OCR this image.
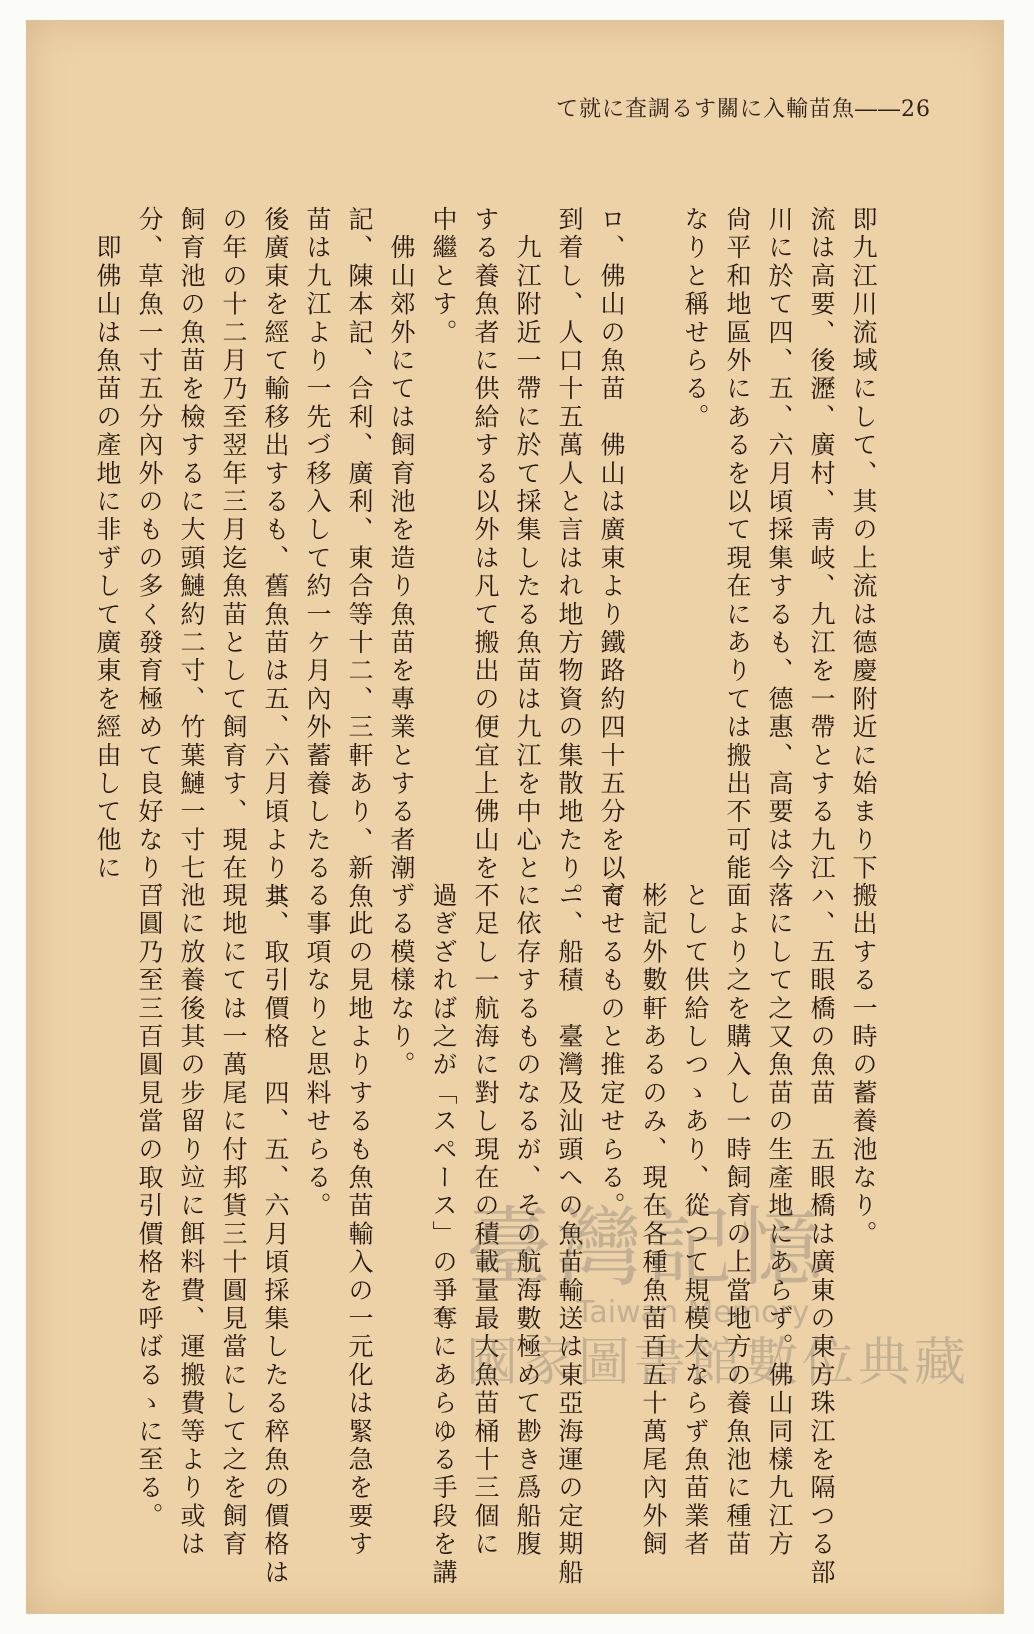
て就に査調るす關に入輸苗魚――26
即九江川流域にして、其の上流は德慶附近に始まり下
流は高要、後瀝、廣村、靑岐、九江を一帶とする九江
川に於て四、五、六月頃採集するも、德惠、高要は今
尙平和地區外にあるを以て現在にありては搬出不可能
なりと稱せらる。
ロ、佛山の魚苗　佛山は廣東より鐵路約四十五分を以て
到着し、人口十五萬人と言はれ地方物資の集散地たり。
　九江附近一帶に於て採集したる魚苗は九江を中心と
する養魚者に供給する以外は凡て搬出の便宜上佛山を
中繼とす。
　佛山郊外にては飼育池を造り魚苗を專業とする者潮
記、陳本記、合利、廣利、東合等十二、三軒あり、新魚
苗は九江より一先づ移入して約一ケ月內外蓄養したる
後廣東を經て輸移出するも、舊魚苗は五、六月頃より其
の年の十二月乃至翌年三月迄魚苗として飼育す、現在
飼育池の魚苗を檢するに大頭鰱約二寸、竹葉鰱一寸七
分、草魚一寸五分內外のもの多く發育極めて良好なり。
　即佛山は魚苗の產地に非ずして廣東を經由して他に
搬出する一時の蓄養池なり。
ハ、五眼橋の魚苗　五眼橋は廣東の東方珠江を隔つる部
落にして之又魚苗の生產地にあらず。佛山同樣九江方
面より之を購入し一時飼育の上當地方の養魚池に種苗
として供給しつゝあり、從つて規模大ならず魚苗業者
彬記外數軒あるのみ、現在各種魚苗百五十萬尾內外飼
育せるものと推定せらる。
ニ、船積　臺灣及汕頭への魚苗輸送は東亞海運の定期船
に依存するものなるが、その航海數極めて尠き爲船腹
不足し一航海に對し現在の積載量最大魚苗桶十三個に
過ぎざれば之が「スペース」の爭奪にあらゆる手段を講
ずる模樣なり。
　此の見地よりするも魚苗輸入の一元化は緊急を要す
る事項なりと思料せらる。
ホ、取引價格　四、五、六月頃採集したる稡魚の價格は
現地にては一萬尾に付邦貨三十圓見當にして之を飼育
池に放養後其の步留り竝に餌料費、運搬費等より或は
百圓乃至三百圓見當の取引價格を呼ばるゝに至る。	臺灣記憶
Taiwan Memory
國家圖書館數位典藏
